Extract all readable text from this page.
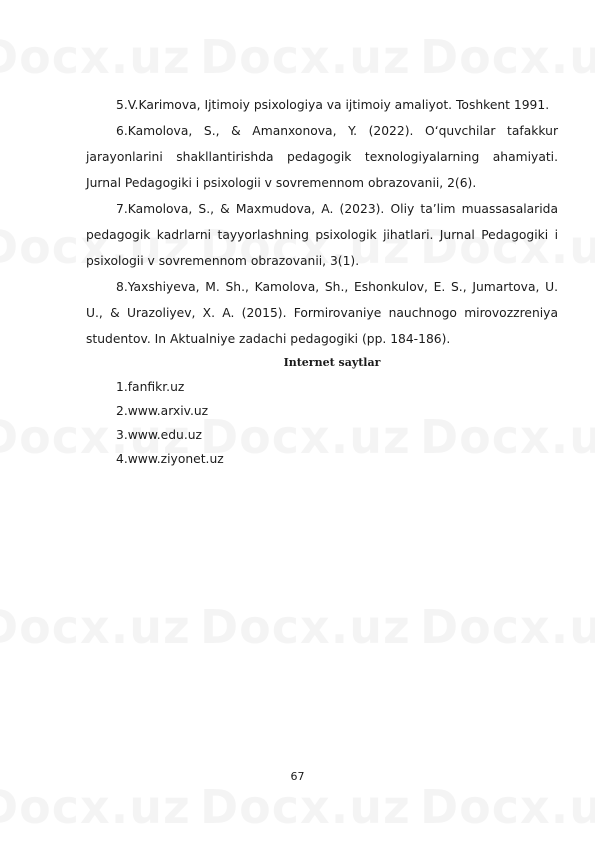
5.V.Karimova, Ijtimoiy psixologiya va ijtimoiy amaliyot. Toshkent 1991.

6.Kamolova, S., & Amanxonova, Y. (2022). O‘quvchilar tafakkur jarayonlarini shakllantirishda pedagogik texnologiyalarning ahamiyati. Jurnal Pedagogiki i psixologii v sovremennom obrazovanii, 2(6).

7.Kamolova, S., & Maxmudova, A. (2023). Oliy ta’lim muassasalarida pedagogik kadrlarni tayyorlashning psixologik jihatlari. Jurnal Pedagogiki i psixologii v sovremennom obrazovanii, 3(1).

8.Yaxshiyeva, M. Sh., Kamolova, Sh., Eshonkulov, E. S., Jumartova, U. U., & Urazoliyev, X. A. (2015). Formirovaniye nauchnogo mirovozzreniya studentov. In Aktualniye zadachi pedagogiki (pp. 184-186).

Internet saytlar

1.fanfikr.uz

2.www.arxiv.uz

3.www.edu.uz

4.www.ziyonet.uz

67
